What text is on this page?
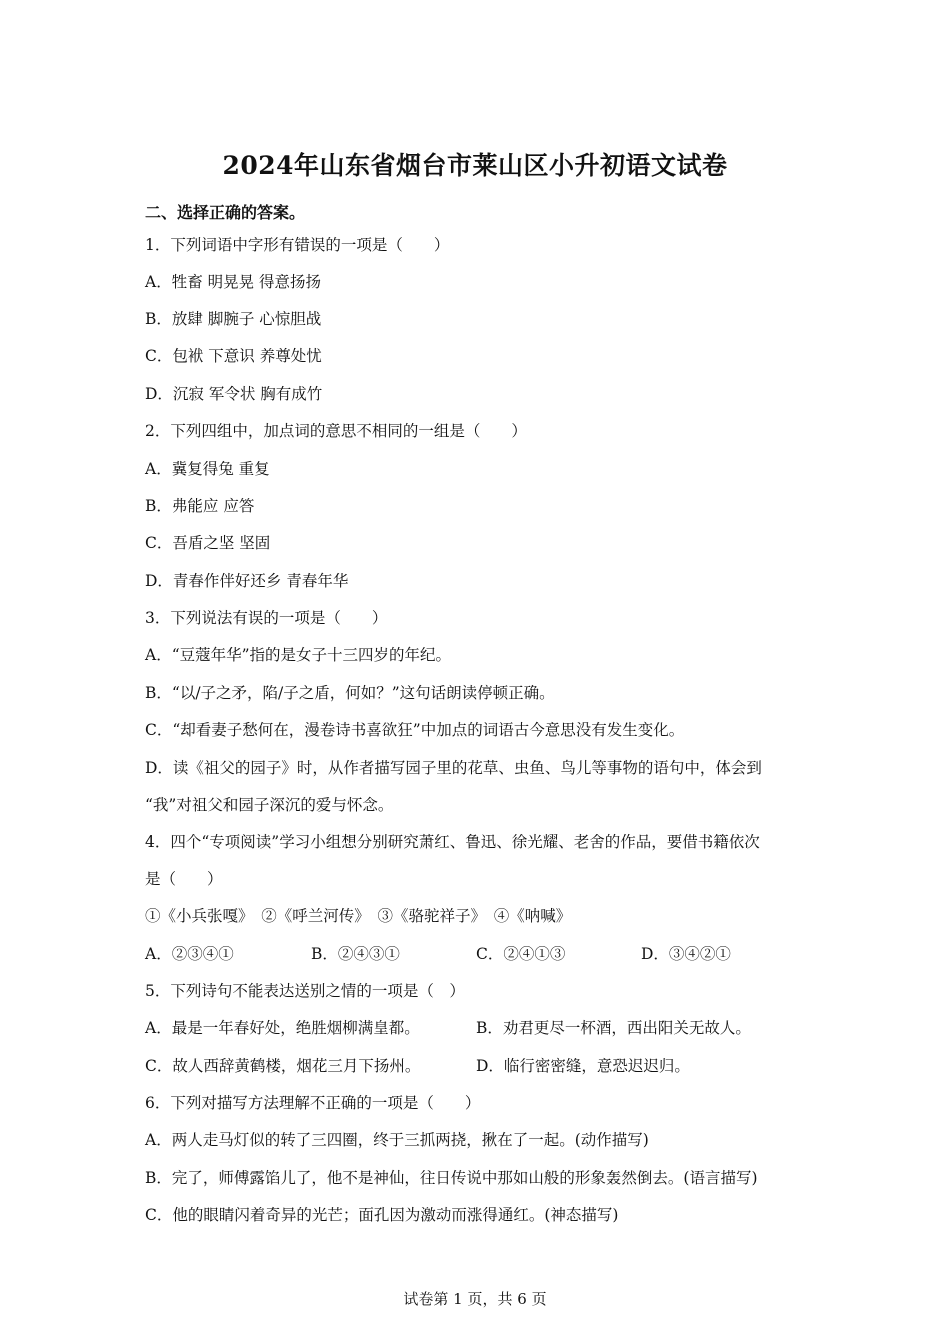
2024年山东省烟台市莱山区小升初语文试卷
二、选择正确的答案。
1．下列词语中字形有错误的一项是（　　）
A．牲畜 明晃晃 得意扬扬
B．放肆 脚腕子 心惊胆战
C．包袱 下意识 养尊处忧
D．沉寂 军令状 胸有成竹
2．下列四组中，加点词的意思不相同的一组是（　　）
A．冀复得兔 重复
B．弗能应 应答
C．吾盾之坚 坚固
D．青春作伴好还乡 青春年华
3．下列说法有误的一项是（　　）
A．“豆蔻年华”指的是女子十三四岁的年纪。
B．“以/子之矛，陷/子之盾，何如？”这句话朗读停顿正确。
C．“却看妻子愁何在，漫卷诗书喜欲狂”中加点的词语古今意思没有发生变化。
D．读《祖父的园子》时，从作者描写园子里的花草、虫鱼、鸟儿等事物的语句中，体会到
“我”对祖父和园子深沉的爱与怀念。
4．四个“专项阅读”学习小组想分别研究萧红、鲁迅、徐光耀、老舍的作品，要借书籍依次
是（　　）
①《小兵张嘎》　②《呼兰河传》　③《骆驼祥子》　④《呐喊》
A．②③④①	B．②④③①	C．②④①③	D．③④②①
5．下列诗句不能表达送别之情的一项是（　）
A．最是一年春好处，绝胜烟柳满皇都。	B．劝君更尽一杯酒，西出阳关无故人。
C．故人西辞黄鹤楼，烟花三月下扬州。	D．临行密密缝，意恐迟迟归。
6．下列对描写方法理解不正确的一项是（　　）
A．两人走马灯似的转了三四圈，终于三抓两挠，揪在了一起。(动作描写)
B．完了，师傅露馅儿了，他不是神仙，往日传说中那如山般的形象轰然倒去。(语言描写)
C．他的眼睛闪着奇异的光芒；面孔因为激动而涨得通红。(神态描写)
试卷第 1 页，共 6 页
